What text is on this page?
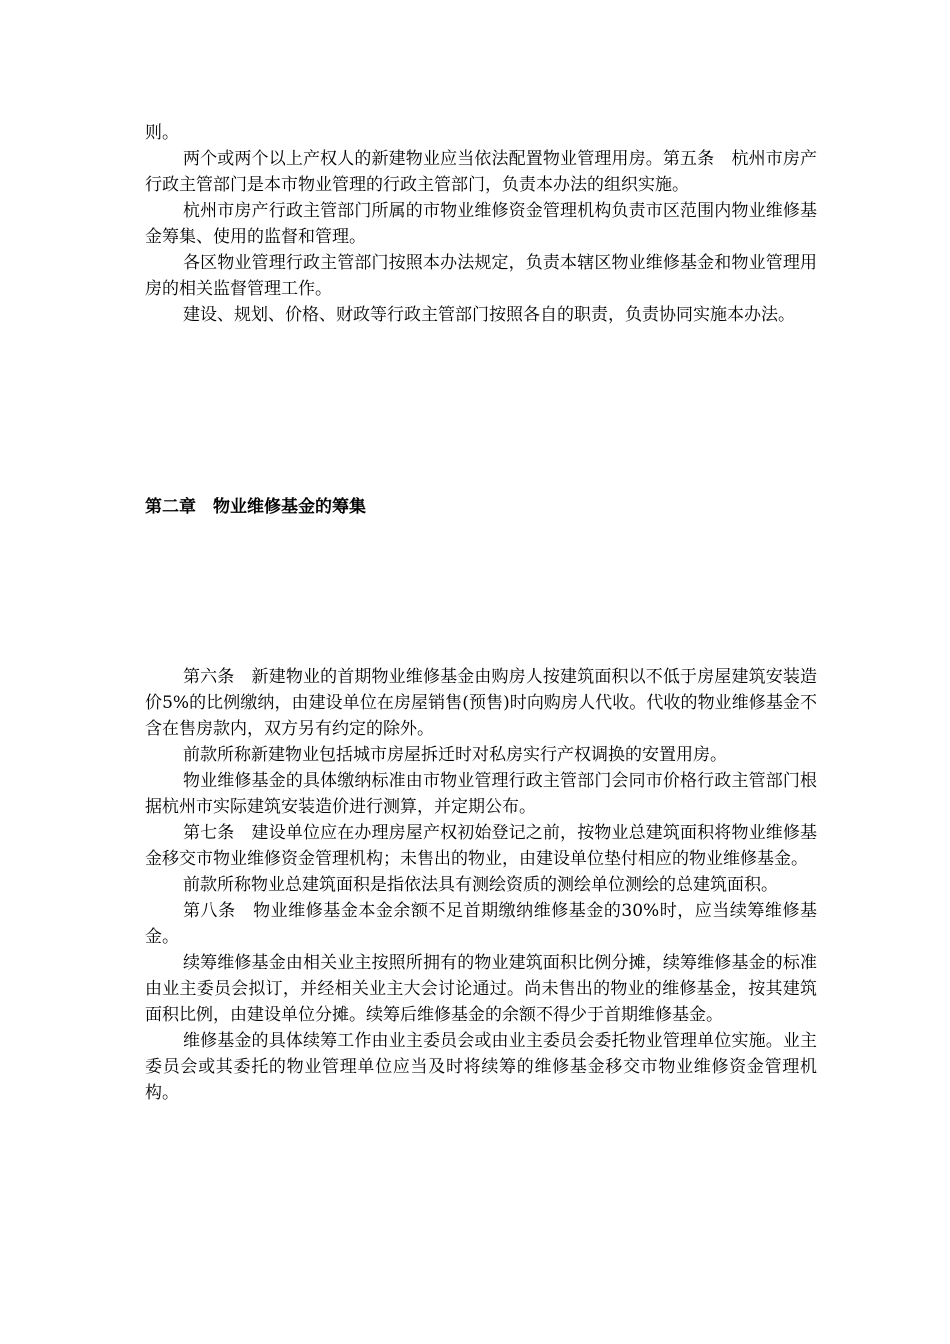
则。

两个或两个以上产权人的新建物业应当依法配置物业管理用房。第五条　杭州市房产行政主管部门是本市物业管理的行政主管部门，负责本办法的组织实施。

杭州市房产行政主管部门所属的市物业维修资金管理机构负责市区范围内物业维修基金筹集、使用的监督和管理。

各区物业管理行政主管部门按照本办法规定，负责本辖区物业维修基金和物业管理用房的相关监督管理工作。

建设、规划、价格、财政等行政主管部门按照各自的职责，负责协同实施本办法。

第二章　物业维修基金的筹集

第六条　新建物业的首期物业维修基金由购房人按建筑面积以不低于房屋建筑安装造价5%的比例缴纳，由建设单位在房屋销售(预售)时向购房人代收。代收的物业维修基金不含在售房款内，双方另有约定的除外。

前款所称新建物业包括城市房屋拆迁时对私房实行产权调换的安置用房。

物业维修基金的具体缴纳标准由市物业管理行政主管部门会同市价格行政主管部门根据杭州市实际建筑安装造价进行测算，并定期公布。

第七条　建设单位应在办理房屋产权初始登记之前，按物业总建筑面积将物业维修基金移交市物业维修资金管理机构；未售出的物业，由建设单位垫付相应的物业维修基金。

前款所称物业总建筑面积是指依法具有测绘资质的测绘单位测绘的总建筑面积。

第八条　物业维修基金本金余额不足首期缴纳维修基金的30%时，应当续筹维修基金。

续筹维修基金由相关业主按照所拥有的物业建筑面积比例分摊，续筹维修基金的标准由业主委员会拟订，并经相关业主大会讨论通过。尚未售出的物业的维修基金，按其建筑面积比例，由建设单位分摊。续筹后维修基金的余额不得少于首期维修基金。

维修基金的具体续筹工作由业主委员会或由业主委员会委托物业管理单位实施。业主委员会或其委托的物业管理单位应当及时将续筹的维修基金移交市物业维修资金管理机构。
